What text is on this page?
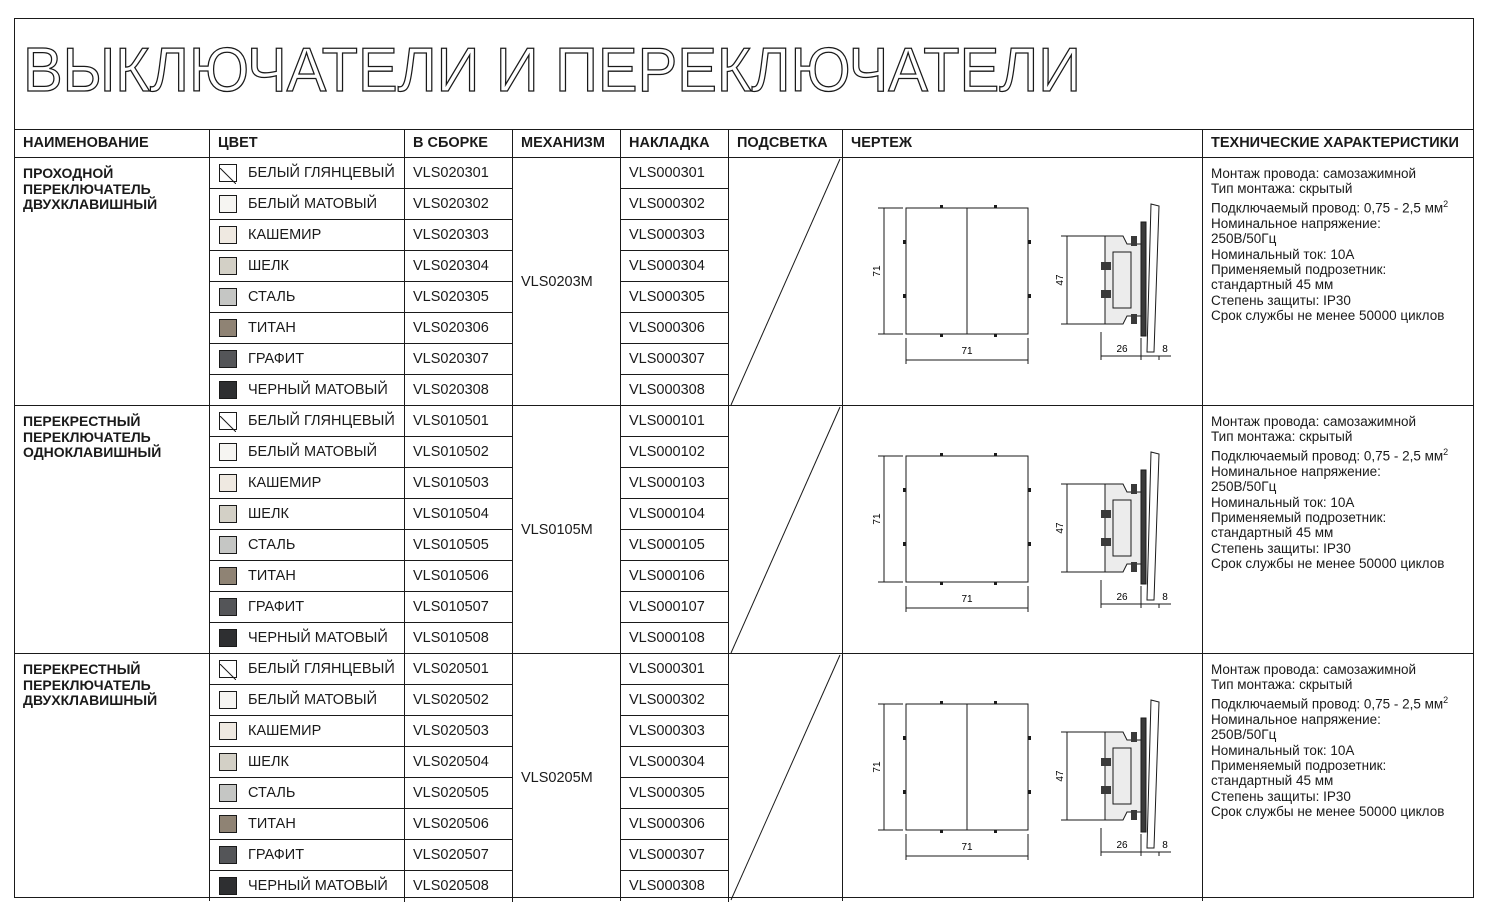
ВЫКЛЮЧАТЕЛИ И ПЕРЕКЛЮЧАТЕЛИ
НАИМЕНОВАНИЕ	ЦВЕТ	В СБОРКЕ	МЕХАНИЗМ	НАКЛАДКА	ПОДСВЕТКА	ЧЕРТЕЖ	ТЕХНИЧЕСКИЕ ХАРАКТЕРИСТИКИ
ПРОХОДНОЙ ПЕРЕКЛЮЧАТЕЛЬ ДВУХКЛАВИШНЫЙ
БЕЛЫЙ ГЛЯНЦЕВЫЙ	VLS020301	VLS000301
БЕЛЫЙ МАТОВЫЙ	VLS020302	VLS000302
КАШЕМИР	VLS020303	VLS000303
ШЕЛК	VLS020304	VLS000304
СТАЛЬ	VLS020305	VLS000305
ТИТАН	VLS020306	VLS000306
ГРАФИТ	VLS020307	VLS000307
ЧЕРНЫЙ МАТОВЫЙ	VLS020308	VLS000308
VLS0203M
71
71
47
26	8
Монтаж провода: самозажимной
Тип монтажа: скрытый
Подключаемый провод: 0,75 - 2,5 $мм^2$
Номинальное напряжение:
250В/50Гц
Номинальный ток: 10А
Применяемый подрозетник:
стандартный 45 мм
Степень защиты: IP30
Срок службы не менее 50000 циклов
ПЕРЕКРЕСТНЫЙ ПЕРЕКЛЮЧАТЕЛЬ ОДНОКЛАВИШНЫЙ
БЕЛЫЙ ГЛЯНЦЕВЫЙ	VLS010501	VLS000101
БЕЛЫЙ МАТОВЫЙ	VLS010502	VLS000102
КАШЕМИР	VLS010503	VLS000103
ШЕЛК	VLS010504	VLS000104
СТАЛЬ	VLS010505	VLS000105
ТИТАН	VLS010506	VLS000106
ГРАФИТ	VLS010507	VLS000107
ЧЕРНЫЙ МАТОВЫЙ	VLS010508	VLS000108
VLS0105M
71
71
47
26	8
Монтаж провода: самозажимной
Тип монтажа: скрытый
Подключаемый провод: 0,75 - 2,5 $мм^2$
Номинальное напряжение:
250В/50Гц
Номинальный ток: 10А
Применяемый подрозетник:
стандартный 45 мм
Степень защиты: IP30
Срок службы не менее 50000 циклов
ПЕРЕКРЕСТНЫЙ ПЕРЕКЛЮЧАТЕЛЬ ДВУХКЛАВИШНЫЙ
БЕЛЫЙ ГЛЯНЦЕВЫЙ	VLS020501	VLS000301
БЕЛЫЙ МАТОВЫЙ	VLS020502	VLS000302
КАШЕМИР	VLS020503	VLS000303
ШЕЛК	VLS020504	VLS000304
СТАЛЬ	VLS020505	VLS000305
ТИТАН	VLS020506	VLS000306
ГРАФИТ	VLS020507	VLS000307
ЧЕРНЫЙ МАТОВЫЙ	VLS020508	VLS000308
VLS0205M
71
71
47
26	8
Монтаж провода: самозажимной
Тип монтажа: скрытый
Подключаемый провод: 0,75 - 2,5 $мм^2$
Номинальное напряжение:
250В/50Гц
Номинальный ток: 10А
Применяемый подрозетник:
стандартный 45 мм
Степень защиты: IP30
Срок службы не менее 50000 циклов
